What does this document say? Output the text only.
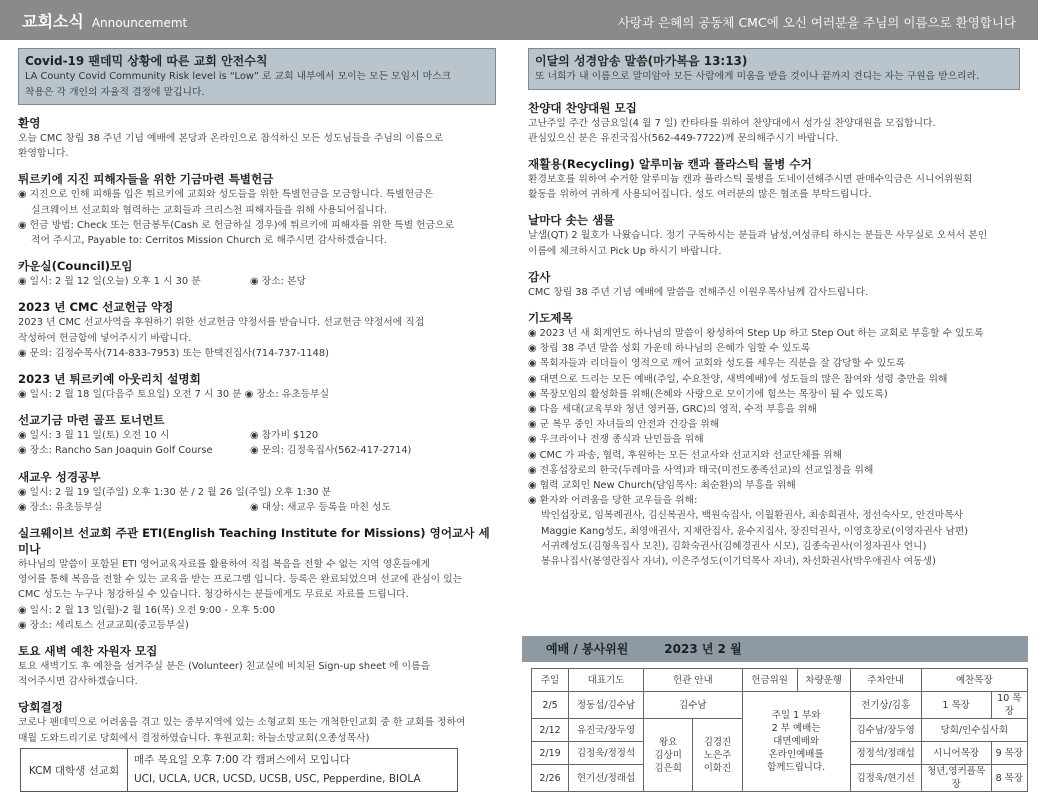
교회소식 Announcememt	사랑과 은혜의 공동체 CMC에 오신 여러분을 주님의 이름으로 환영합니다
Covid-19 팬데믹 상황에 따른 교회 안전수칙
LA County Covid Community Risk level is “Low” 로 교회 내부에서 모이는 모든 모임시 마스크
착용은 각 개인의 자율적 결정에 맡깁니다.
환영
오늘 CMC 창립 38 주년 기념 예배에 본당과 온라인으로 참석하신 모든 성도님들을 주님의 이름으로
환영합니다.
튀르키에 지진 피해자들을 위한 기금마련 특별헌금
◉ 지진으로 인해 피해를 입은 튀르키에 교회와 성도들을 위한 특별헌금을 모금합니다. 특별헌금은
실크웨이브 선교회와 협력하는 교회들과 크리스천 피해자들을 위해 사용되어집니다.
◉ 헌금 방법: Check 또는 헌금봉투(Cash 로 헌금하실 경우)에 튀르키에 피해자를 위한 특별 헌금으로
적어 주시고, Payable to: Cerritos Mission Church 로 해주시면 감사하겠습니다.
카운실(Council)모임
◉ 일시: 2 월 12 일(오늘) 오후 1 시 30 분	◉ 장소: 본당
2023 년 CMC 선교헌금 약정
2023 년 CMC 선교사역을 후원하기 위한 선교헌금 약정서를 받습니다. 선교헌금 약정서에 직접
작성하여 헌금함에 넣어주시기 바랍니다.
◉ 문의: 김정수목사(714-833-7953) 또는 한택진집사(714-737-1148)
2023 년 튀르키예 아웃리치 설명회
◉ 일시: 2 월 18 일(다음주 토요일) 오전 7 시 30 분 ◉ 장소: 유초등부실
선교기금 마련 골프 토너먼트
◉ 일시: 3 월 11 일(토) 오전 10 시	◉ 참가비 $120
◉ 장소: Rancho San Joaquin Golf Course	◉ 문의: 김정욱집사(562-417-2714)
새교우 성경공부
◉ 일시: 2 월 19 일(주일) 오후 1:30 분 / 2 월 26 일(주일) 오후 1:30 분
◉ 장소: 유초등부실	◉ 대상: 새교우 등록을 마친 성도
실크웨이브 선교회 주관 ETI(English Teaching Institute for Missions) 영어교사 세미나
하나님의 말씀이 포함된 ETI 영어교육자료를 활용하여 직접 복음을 전할 수 없는 지역 영혼들에게
영어를 통해 복음을 전할 수 있는 교육을 받는 프로그램 입니다. 등록은 완료되었으며 선교에 관심이 있는
CMC 성도는 누구나 청강하실 수 있습니다. 청강하시는 분들에게도 무료로 자료를 드립니다.
◉ 일시: 2 월 13 일(월)-2 월 16(목) 오전 9:00 - 오후 5:00
◉ 장소: 세리토스 선교교회(중고등부실)
토요 새벽 예찬 자원자 모집
토요 새벽기도 후 예찬을 섬겨주실 분은 (Volunteer) 친교실에 비치된 Sign-up sheet 에 이름을
적어주시면 감사하겠습니다.
당회결정
코로나 팬데믹으로 어려움을 겪고 있는 중부지역에 있는 소형교회 또는 개척한인교회 중 한 교회를 정하여
매월 도와드리기로 당회에서 결정하였습니다. 후원교회: 하늘소망교회(오종성목사)
KCM 대학생 선교회
매주 목요일 오후 7:00 각 캠퍼스에서 모입니다
UCI, UCLA, UCR, UCSD, UCSB, USC, Pepperdine, BIOLA
이달의 성경암송 말씀(마가복음 13:13)
또 너희가 내 이름으로 말미암아 모든 사람에게 미움을 받을 것이나 끝까지 견디는 자는 구원을 받으리라.
찬양대 찬양대원 모집
고난주일 주간 성금요일(4 월 7 일) 칸타타를 위하여 찬양대에서 성가실 찬양대원을 모집합니다.
관심있으신 분은 유진국집사(562-449-7722)께 문의해주시기 바랍니다.
재활용(Recycling) 알루미늄 캔과 플라스틱 물병 수거
환경보호를 위하여 수거한 알루미늄 캔과 플라스틱 물병을 도네이션해주시면 판매수익금은 시니어위원회
활동을 위하여 귀하게 사용되어집니다. 성도 여러분의 많은 협조를 부탁드립니다.
날마다 솟는 샘물
날샘(QT) 2 월호가 나왔습니다. 정기 구독하시는 분들과 남성,여성큐티 하시는 분들은 사무실로 오셔서 본인
이름에 체크하시고 Pick Up 하시기 바랍니다.
감사
CMC 창립 38 주년 기념 예배에 말씀을 전해주신 이원우목사님께 감사드립니다.
기도제목
◉ 2023 년 새 회계연도 하나님의 말씀이 왕성하여 Step Up 하고 Step Out 하는 교회로 부흥할 수 있도록
◉ 창립 38 주년 말씀 성회 가운데 하나님의 은혜가 임할 수 있도록
◉ 목회자들과 리더들이 영적으로 깨어 교회와 성도를 세우는 직분을 잘 감당할 수 있도록
◉ 대면으로 드리는 모든 예배(주일, 수요찬양, 새벽예배)에 성도들의 많은 참여와 성령 충만을 위해
◉ 목장모임의 활성화를 위해(은혜와 사랑으로 모이기에 힘쓰는 목장이 될 수 있도록)
◉ 다음 세대(교육부와 청년 영커플, GRC)의 영적, 수적 부흥을 위해
◉ 군 복무 중인 자녀들의 안전과 건강을 위해
◉ 우크라이나 전쟁 종식과 난민들을 위해
◉ CMC 가 파송, 협력, 후원하는 모든 선교사와 선교지와 선교단체를 위해
◉ 전홍섭장로의 한국(두레마을 사역)과 태국(미전도종족선교)의 선교일정을 위해
◉ 협력 교회인 New Church(담임목사: 최순환)의 부흥을 위해
◉ 환자와 어려움을 당한 교우들을 위해:
박인섭장로, 임복례권사, 김신복권사, 백원숙집사, 이월환권사, 최송희권사, 정선숙사모, 안건마목사
Maggie Kang성도, 최영애권사, 지채란집사, 윤수지집사, 장진덕권사, 이영호장로(이영자권사 남편)
서귀례성도(김형욱집사 모친), 김화숙권사(김혜경권사 시모), 김종숙권사(이정자권사 언니)
봉유나집사(봉영란집사 자녀), 이은주성도(이기덕목사 자녀), 차선화권사(박우애권사 여동생)
예배 / 봉사위원	2023 년 2 월
주일	대표기도	헌관 안내		헌금위원	차량운행	주차안내	예찬목장	
2/5	정동섭/김수남	김수남		주일 1 부와
2 부 예배는
대면예배와
온라인예배를
함께드립니다.		전기상/김홍	1 목장	10 목장
2/12	유진국/장두영	왕요
김상미
김은희	김경진
노은주
이화진			김수남/장두영	당회/인수십사회	
2/19	김정욱/정정석					정정석/정래섭	시니어목장	9 목장
2/26	현기선/정래섭					김정욱/현기선	청년,영커플목장	8 목장
